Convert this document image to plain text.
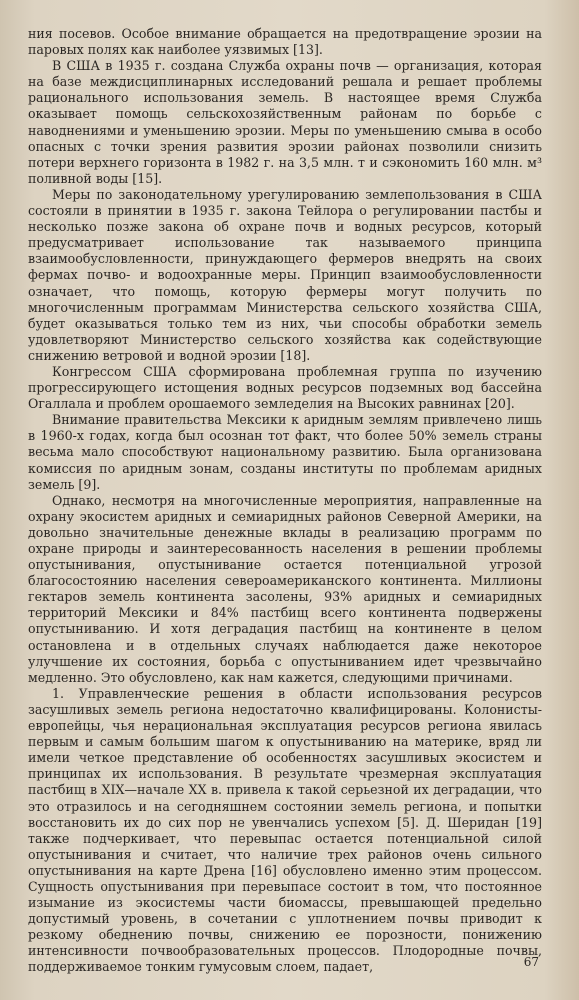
ния посевов. Особое внимание обращается на предотвращение эрозии на паровых полях как наиболее уязвимых [13].

В США в 1935 г. создана Служба охраны почв — организация, которая на базе междисциплинарных исследований решала и решает проблемы рационального использования земель. В настоящее время Служба оказывает помощь сельскохозяйственным районам по борьбе с наводнениями и уменьшению эрозии. Меры по уменьшению смыва в особо опасных с точки зрения развития эрозии районах позволили снизить потери верхнего горизонта в 1982 г. на 3,5 млн. т и сэкономить 160 млн. м³ поливной воды [15].

Меры по законодательному урегулированию землепользования в США состояли в принятии в 1935 г. закона Тейлора о регулировании пастбы и несколько позже закона об охране почв и водных ресурсов, который предусматривает использование так называемого принципа взаимообусловленности, принуждающего фермеров внедрять на своих фермах почво- и водоохранные меры. Принцип взаимообусловленности означает, что помощь, которую фермеры могут получить по многочисленным программам Министерства сельского хозяйства США, будет оказываться только тем из них, чьи способы обработки земель удовлетворяют Министерство сельского хозяйства как содействующие снижению ветровой и водной эрозии [18].

Конгрессом США сформирована проблемная группа по изучению прогрессирующего истощения водных ресурсов подземных вод бассейна Огаллала и проблем орошаемого земледелия на Высоких равнинах [20].

Внимание правительства Мексики к аридным землям привлечено лишь в 1960-х годах, когда был осознан тот факт, что более 50% земель страны весьма мало способствуют национальному развитию. Была организована комиссия по аридным зонам, созданы институты по проблемам аридных земель [9].

Однако, несмотря на многочисленные мероприятия, направленные на охрану экосистем аридных и семиаридных районов Северной Америки, на довольно значительные денежные вклады в реализацию программ по охране природы и заинтересованность населения в решении проблемы опустынивания, опустынивание остается потенциальной угрозой благосостоянию населения североамериканского континента. Миллионы гектаров земель континента засолены, 93% аридных и семиаридных территорий Мексики и 84% пастбищ всего континента подвержены опустыниванию. И хотя деградация пастбищ на континенте в целом остановлена и в отдельных случаях наблюдается даже некоторое улучшение их состояния, борьба с опустыниванием идет чрезвычайно медленно. Это обусловлено, как нам кажется, следующими причинами.

1. Управленческие решения в области использования ресурсов засушливых земель региона недостаточно квалифицированы. Колонисты-европейцы, чья нерациональная эксплуатация ресурсов региона явилась первым и самым большим шагом к опустыниванию на материке, вряд ли имели четкое представление об особенностях засушливых экосистем и принципах их использования. В результате чрезмерная эксплуатация пастбищ в XIX—начале XX в. привела к такой серьезной их деградации, что это отразилось и на сегодняшнем состоянии земель региона, и попытки восстановить их до сих пор не увенчались успехом [5]. Д. Шеридан [19] также подчеркивает, что перевыпас остается потенциальной силой опустынивания и считает, что наличие трех районов очень сильного опустынивания на карте Дрена [16] обусловлено именно этим процессом. Сущность опустынивания при перевыпасе состоит в том, что постоянное изымание из экосистемы части биомассы, превышающей предельно допустимый уровень, в сочетании с уплотнением почвы приводит к резкому обеднению почвы, снижению ее порозности, понижению интенсивности почвообразовательных процессов. Плодородные почвы, поддерживаемое тонким гумусовым слоем, падает,	67
